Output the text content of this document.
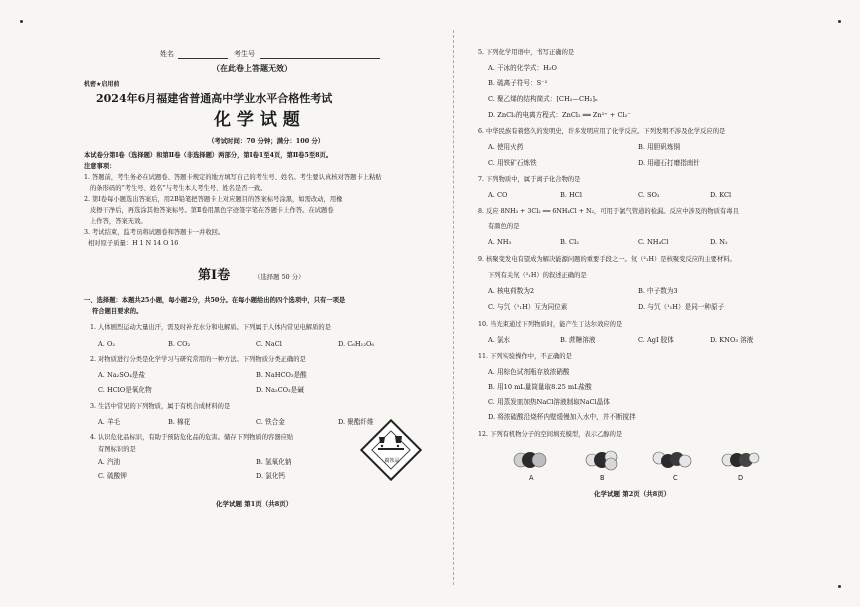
姓名	考生号
（在此卷上答题无效）
机密★启用前
2024年6月福建省普通高中学业水平合格性考试
化 学 试 题
（考试时间：70 分钟；满分：100 分）
本试卷分第Ⅰ卷（选择题）和第Ⅱ卷（非选择题）两部分，第Ⅰ卷1至4页，第Ⅱ卷5至8页。
注意事项：
1. 答题前，考生务必在试题卷、答题卡规定的地方填写自己的考生号、姓名。考生要认真核对答题卡上粘贴
的条形码的“考生号、姓名”与考生本人考生号、姓名是否一致。
2. 第Ⅰ卷每小题选出答案后，用2B铅笔把答题卡上对应题目的答案标号涂黑，如需改动，用橡
皮擦干净后，再选涂其他答案标号。第Ⅱ卷用黑色字迹签字笔在答题卡上作答。在试题卷
上作答，答案无效。
3. 考试结束，监考员将试题卷和答题卡一并收回。
相对原子质量：H 1 N 14 O 16
第Ⅰ卷	（选择题 50 分）
一、选择题：本题共25小题，每小题2分，共50分。在每小题给出的四个选项中，只有一项是
符合题目要求的。
1. 人体剧烈运动大量出汗，需及时补充水分和电解质。下列属于人体内常见电解质的是
A. O₂	B. CO₂	C. NaCl	D. C₆H₁₂O₆
2. 对物质进行分类是化学学习与研究常用的一种方法。下列物质分类正确的是
A. Na₂SO₄是盐	B. NaHCO₃是酸
C. HClO是氧化物	D. Na₂CO₃是碱
3. 生活中常见的下列物质，属于有机合成材料的是
A. 羊毛	B. 棉花	C. 铁合金	D. 聚酯纤维
4. 认识危化品标识，有助于预防危化品的危害。储存下列物质的容器应贴
有图标识的是
A. 汽油	B. 氢氧化钠
C. 硫酸钾	D. 氯化钙
化学试题 第1页（共8页）
腐蚀品
5. 下列化学用语中，书写正确的是
A. 干冰的化学式：H₂O
B. 硫离子符号：S⁻²
C. 聚乙烯的结构简式：[CH₂—CH₂]ₙ
D. ZnCl₂的电离方程式：ZnCl₂ ══ Zn²⁺ + Cl₂⁻
6. 中华民族有着悠久的发明史，许多发明应用了化学反应。下列发明不涉及化学反应的是
A. 使用火药	B. 用胆矾炼铜
C. 用铁矿石炼铁	D. 用磁石打磨指南针
7. 下列物质中，属于离子化合物的是
A. CO	B. HCl	C. SO₂	D. KCl
8. 反应 8NH₃ + 3Cl₂ ══ 6NH₄Cl + N₂，可用于氯气管道的检漏。反应中涉及的物质有毒且
有颜色的是
A. NH₃	B. Cl₂	C. NH₄Cl	D. N₂
9. 核聚变发电有望成为解决能源问题的重要手段之一。氘（²₁H）是核聚变反应的主要材料。
下列有关氘（²₁H）的叙述正确的是
A. 核电荷数为2	B. 中子数为3
C. 与氕（¹₁H）互为同位素	D. 与氕（¹₁H）是同一种原子
10. 当光束通过下列物质时，能产生丁达尔效应的是
A. 氯水	B. 蔗糖溶液	C. AgI 胶体	D. KNO₃ 溶液
11. 下列实验操作中，不正确的是
A. 用棕色试剂瓶存放浓硝酸
B. 用10 mL量筒量取8.25 mL盐酸
C. 用蒸发皿加热NaCl溶液制取NaCl晶体
D. 将浓硫酸沿烧杯内壁缓慢加入水中，并不断搅拌
12. 下列有机物分子的空间填充模型，表示乙醇的是
化学试题 第2页（共8页）
A	B	C	D
